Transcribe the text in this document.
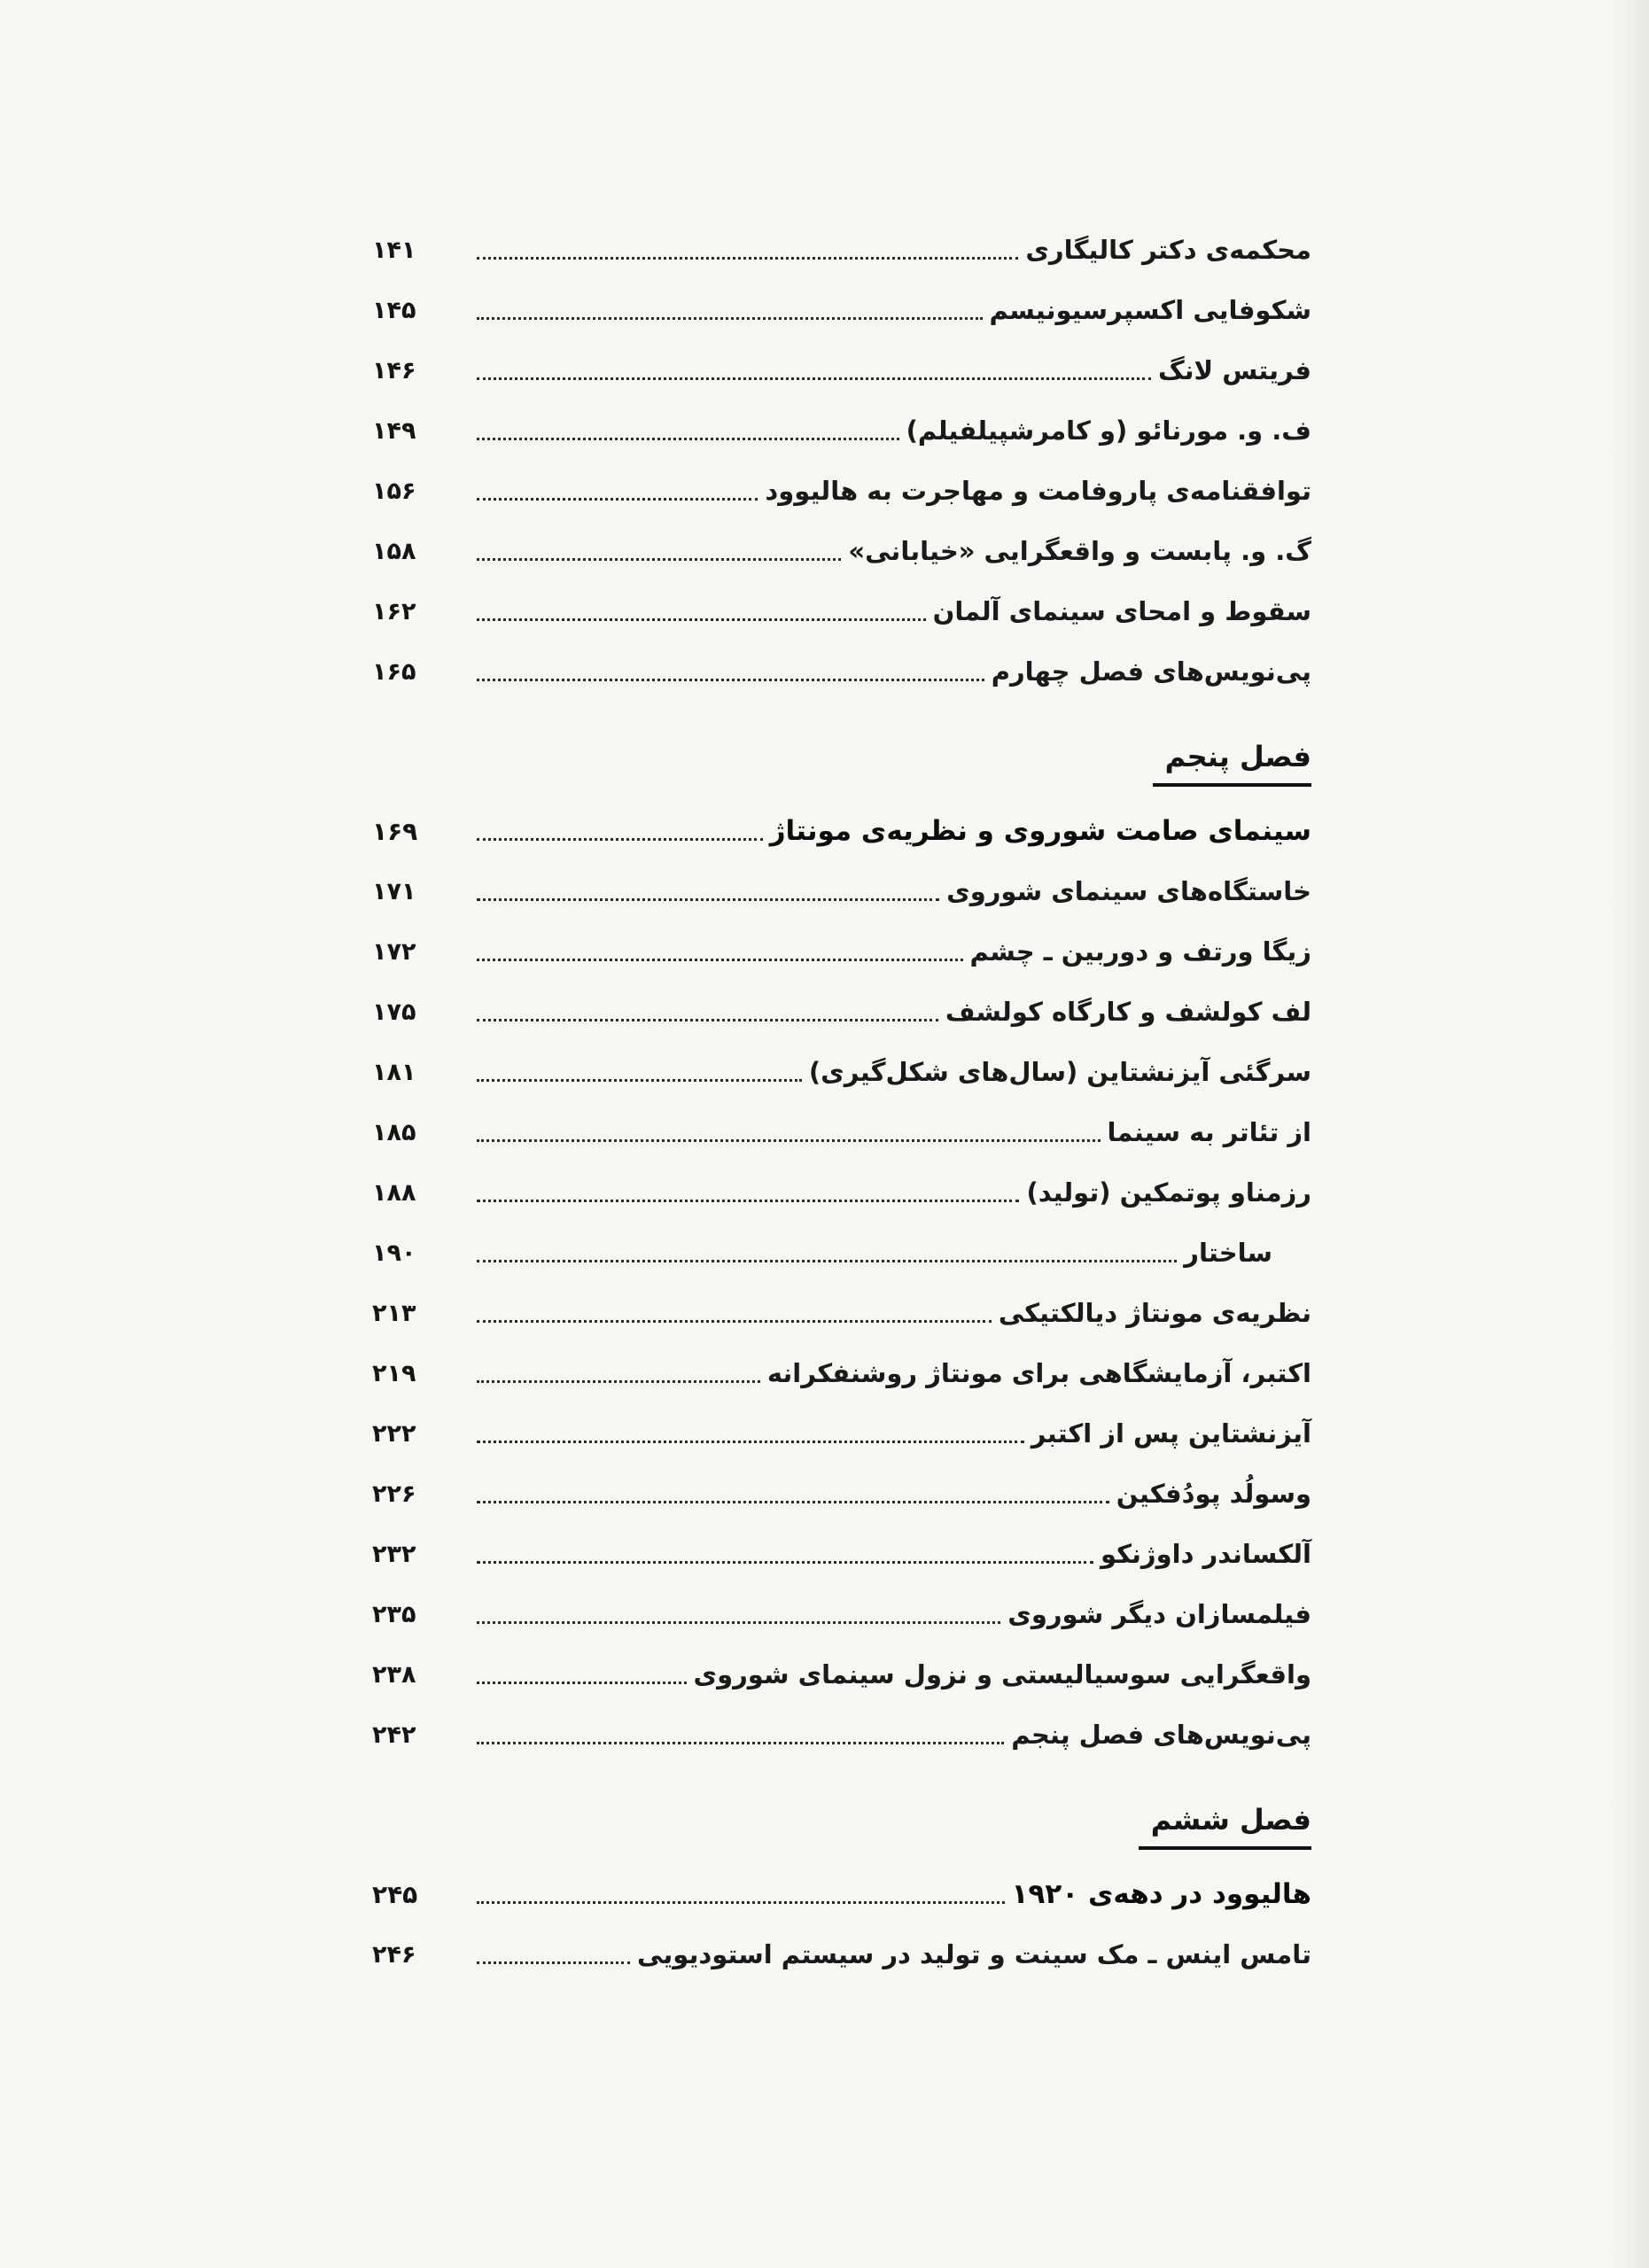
۱۴۱	محکمه‌ی دکتر کالیگاری
۱۴۵	شکوفایی اکسپرسیونیسم
۱۴۶	فریتس لانگ
۱۴۹	ف. و. مورنائو (و کامرشپیلفیلم)
۱۵۶	توافقنامه‌ی پاروفامت و مهاجرت به هالیوود
۱۵۸	گ. و. پابست و واقعگرایی «خیابانی»
۱۶۲	سقوط و امحای سینمای آلمان
۱۶۵	پی‌نویس‌های فصل چهارم
فصل پنجم
۱۶۹	سینمای صامت شوروی و نظریه‌ی مونتاژ
۱۷۱	خاستگاه‌های سینمای شوروی
۱۷۲	زیگا ورتف و دوربین ـ چشم
۱۷۵	لف کولشف و کارگاه کولشف
۱۸۱	سرگئی آیزنشتاین (سال‌های شکل‌گیری)
۱۸۵	از تئاتر به سینما
۱۸۸	رزمناو پوتمکین (تولید)
۱۹۰	ساختار
۲۱۳	نظریه‌ی مونتاژ دیالکتیکی
۲۱۹	اکتبر، آزمایشگاهی برای مونتاژ روشنفکرانه
۲۲۲	آیزنشتاین پس از اکتبر
۲۲۶	وسولُد پودُفکین
۲۳۲	آلکساندر داوژنکو
۲۳۵	فیلمسازان دیگر شوروی
۲۳۸	واقعگرایی سوسیالیستی و نزول سینمای شوروی
۲۴۲	پی‌نویس‌های فصل پنجم
فصل ششم
۲۴۵	هالیوود در دهه‌ی ۱۹۲۰
۲۴۶	تامس اینس ـ مک سینت و تولید در سیستم استودیویی
